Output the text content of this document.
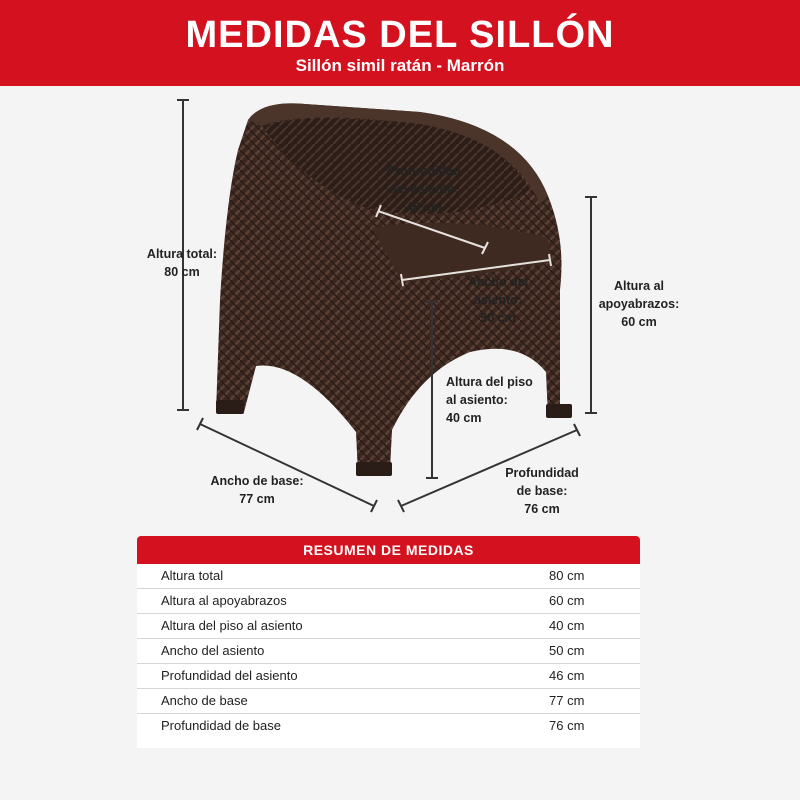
MEDIDAS DEL SILLÓN
Sillón simil ratán - Marrón
Altura total:
80 cm
Profundidad
del asiento:
46 cm
Ancho del
asiento:
50 cm
Altura al
apoyabrazos:
60 cm
Altura del piso
al asiento:
40 cm
Ancho de base:
77 cm
Profundidad
de base:
76 cm
RESUMEN DE MEDIDAS
Altura total	80 cm
Altura al apoyabrazos	60 cm
Altura del piso al asiento	40 cm
Ancho del asiento	50 cm
Profundidad del asiento	46 cm
Ancho de base	77 cm
Profundidad de base	76 cm
